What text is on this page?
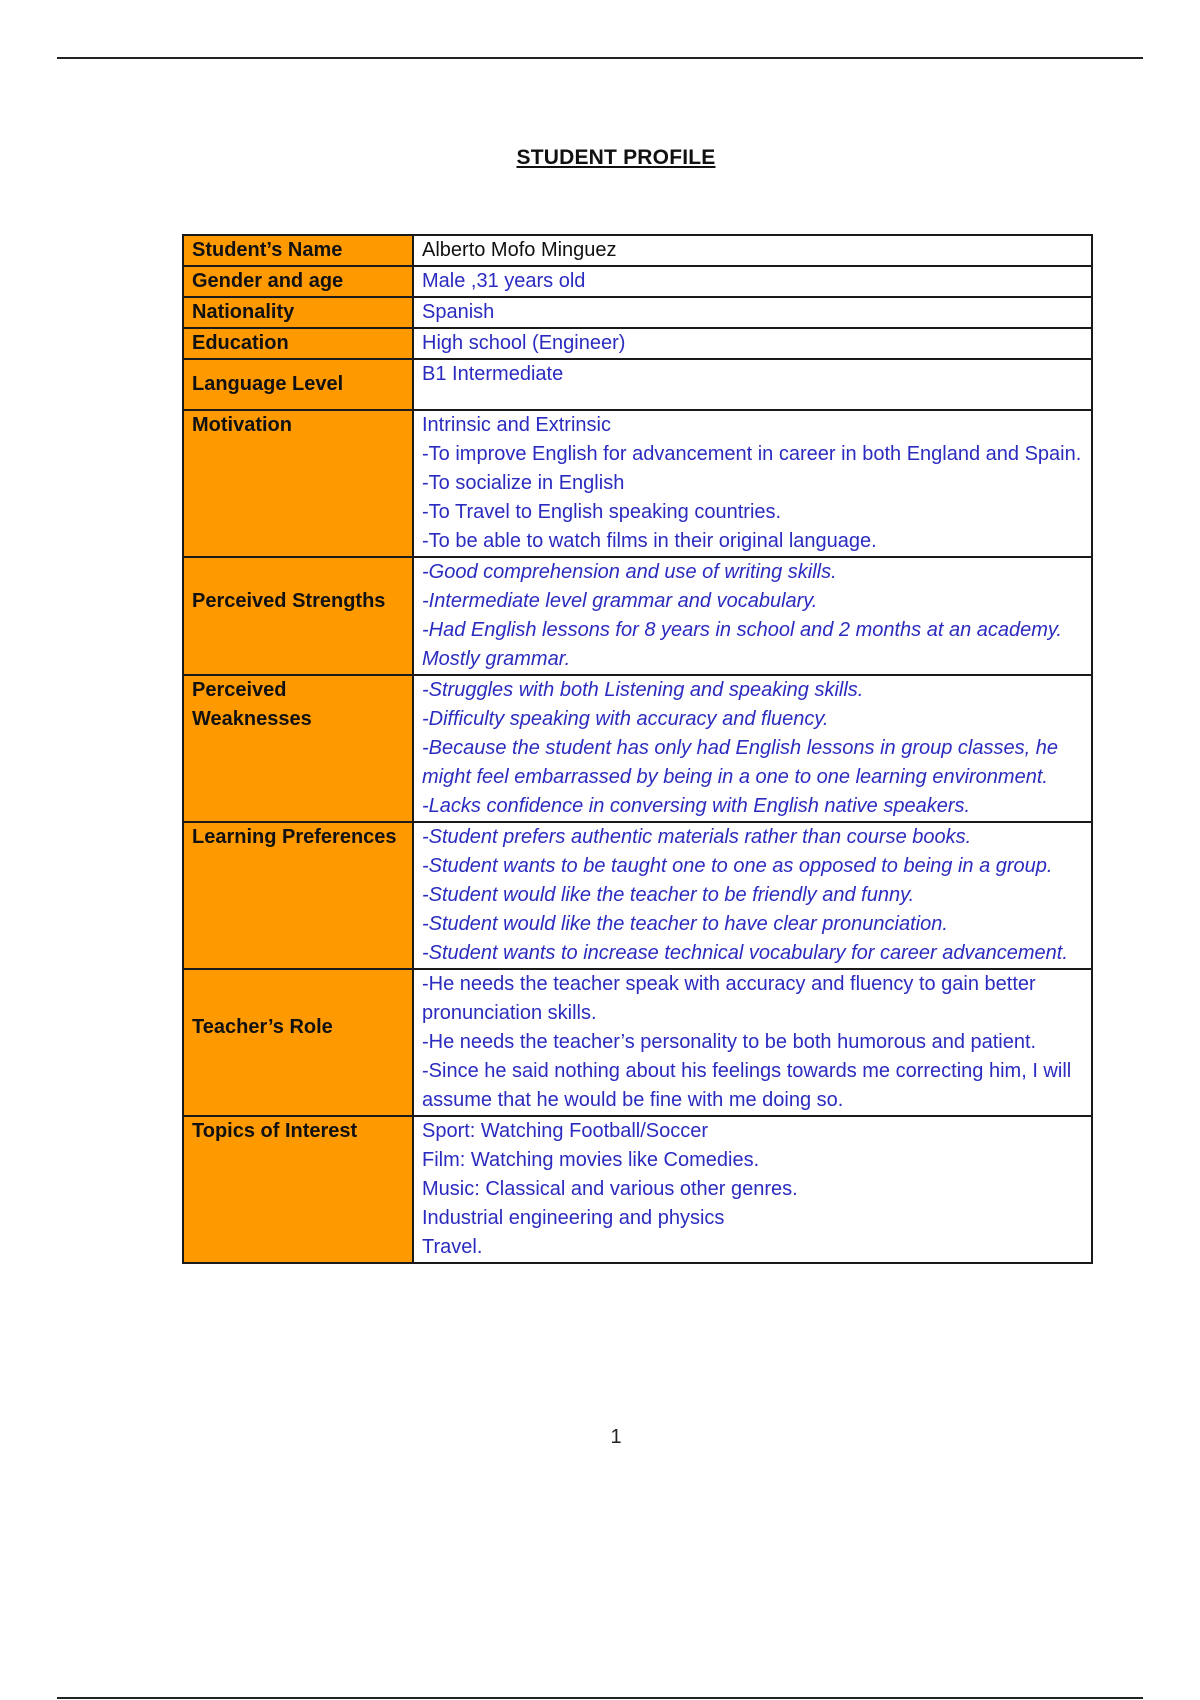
STUDENT PROFILE
Student’s Name	Alberto Mofo Minguez
Gender and age	Male ,31 years old
Nationality	Spanish
Education	High school (Engineer)
Language Level	B1 Intermediate
Motivation	Intrinsic and Extrinsic
-To improve English for advancement in career in both England and Spain.
-To socialize in English
-To Travel to English speaking countries.
-To be able to watch films in their original language.

Perceived Strengths	-Good comprehension and use of writing skills.
-Intermediate level grammar and vocabulary.
-Had English lessons for 8 years in school and 2 months at an academy. Mostly grammar.

Perceived Weaknesses	-Struggles with both Listening and speaking skills.
-Difficulty speaking with accuracy and fluency.
-Because the student has only had English lessons in group classes, he might feel embarrassed by being in a one to one learning environment.
-Lacks confidence in conversing with English native speakers.

Learning Preferences	-Student prefers authentic materials rather than course books.
-Student wants to be taught one to one as opposed to being in a group.
-Student would like the teacher to be friendly and funny.
-Student would like the teacher to have clear pronunciation.
-Student wants to increase technical vocabulary for career advancement.

Teacher’s Role	-He needs the teacher speak with accuracy and fluency to gain better pronunciation skills.
-He needs the teacher’s personality to be both humorous and patient.
-Since he said nothing about his feelings towards me correcting him, I will assume that he would be fine with me doing so.

Topics of Interest	Sport: Watching Football/Soccer
Film: Watching movies like Comedies.
Music: Classical and various other genres.
Industrial engineering and physics
Travel.
1
